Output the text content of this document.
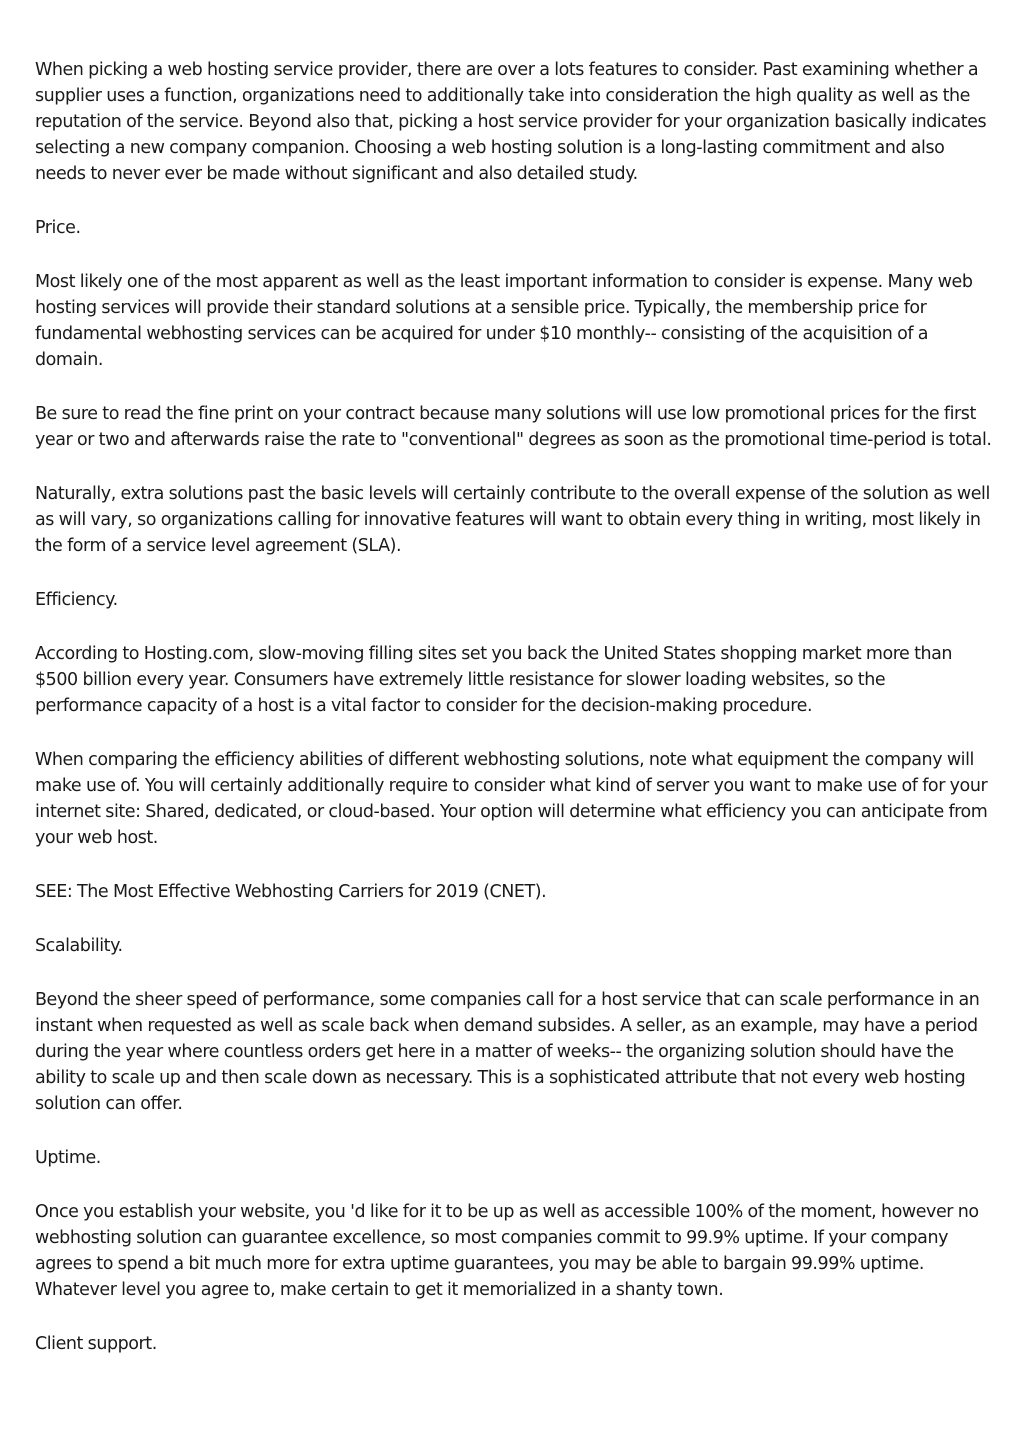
When picking a web hosting service provider, there are over a lots features to consider. Past examining whether a supplier uses a function, organizations need to additionally take into consideration the high quality as well as the reputation of the service. Beyond also that, picking a host service provider for your organization basically indicates selecting a new company companion. Choosing a web hosting solution is a long-lasting commitment and also needs to never ever be made without significant and also detailed study.

Price.

Most likely one of the most apparent as well as the least important information to consider is expense. Many web hosting services will provide their standard solutions at a sensible price. Typically, the membership price for fundamental webhosting services can be acquired for under $10 monthly-- consisting of the acquisition of a domain.

Be sure to read the fine print on your contract because many solutions will use low promotional prices for the first year or two and afterwards raise the rate to "conventional" degrees as soon as the promotional time-period is total.

Naturally, extra solutions past the basic levels will certainly contribute to the overall expense of the solution as well as will vary, so organizations calling for innovative features will want to obtain every thing in writing, most likely in the form of a service level agreement (SLA).

Efficiency.

According to Hosting.com, slow-moving filling sites set you back the United States shopping market more than $500 billion every year. Consumers have extremely little resistance for slower loading websites, so the performance capacity of a host is a vital factor to consider for the decision-making procedure.

When comparing the efficiency abilities of different webhosting solutions, note what equipment the company will make use of. You will certainly additionally require to consider what kind of server you want to make use of for your internet site: Shared, dedicated, or cloud-based. Your option will determine what efficiency you can anticipate from your web host.

SEE: The Most Effective Webhosting Carriers for 2019 (CNET).

Scalability.

Beyond the sheer speed of performance, some companies call for a host service that can scale performance in an instant when requested as well as scale back when demand subsides. A seller, as an example, may have a period during the year where countless orders get here in a matter of weeks-- the organizing solution should have the ability to scale up and then scale down as necessary. This is a sophisticated attribute that not every web hosting solution can offer.

Uptime.

Once you establish your website, you 'd like for it to be up as well as accessible 100% of the moment, however no webhosting solution can guarantee excellence, so most companies commit to 99.9% uptime. If your company agrees to spend a bit much more for extra uptime guarantees, you may be able to bargain 99.99% uptime. Whatever level you agree to, make certain to get it memorialized in a shanty town.

Client support.
